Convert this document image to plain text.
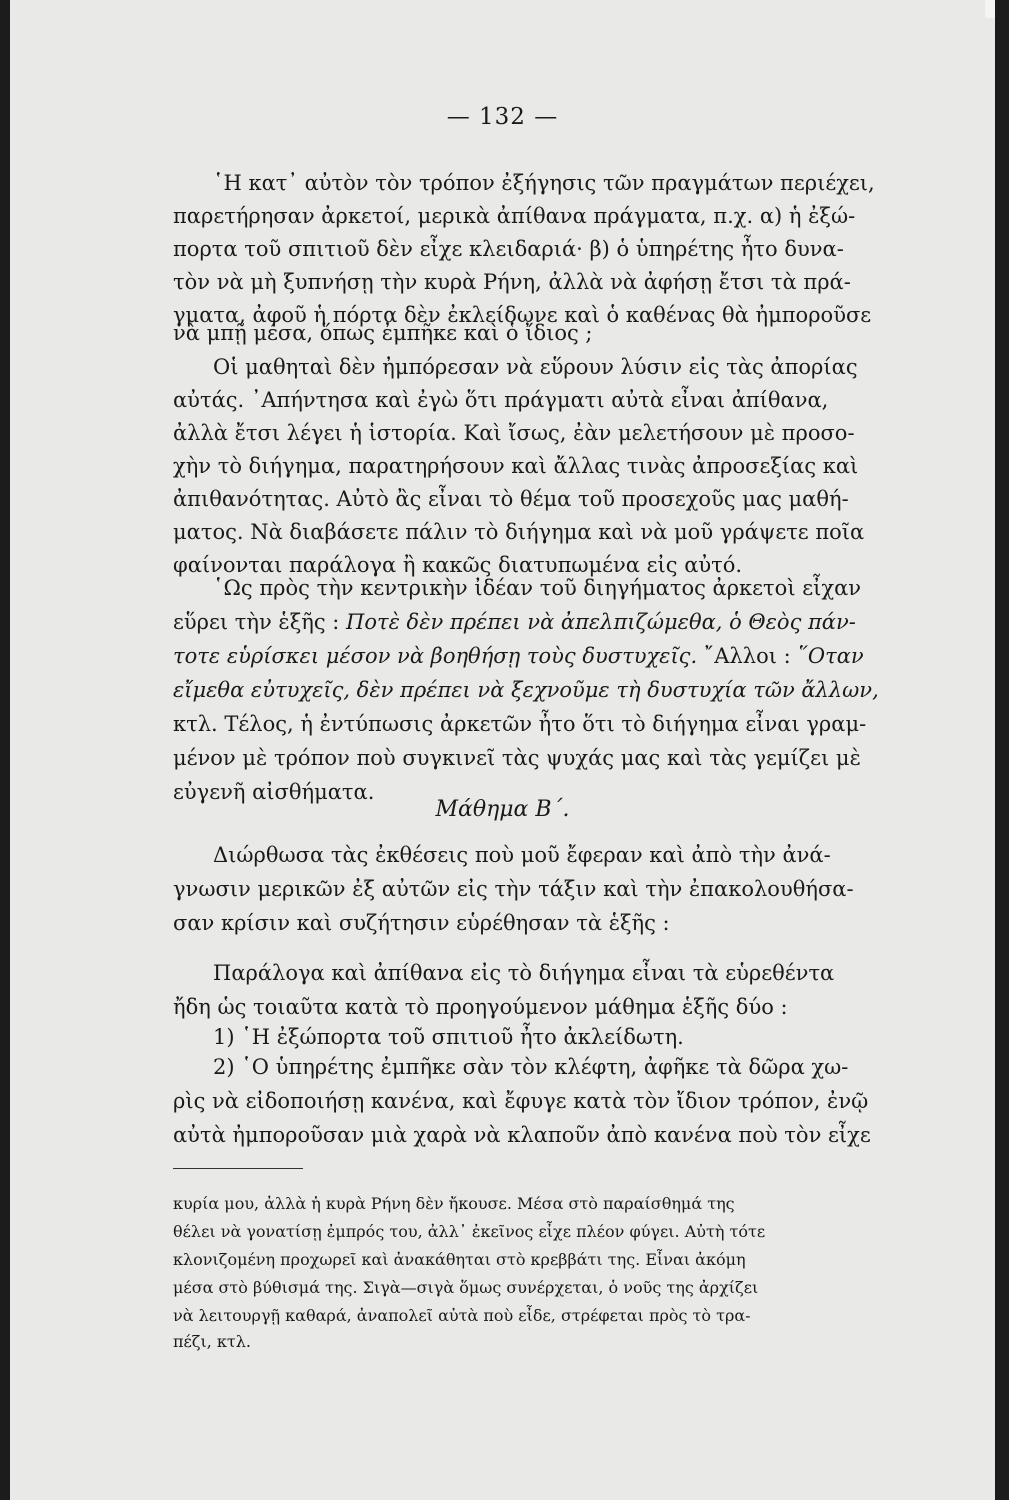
— 132 —
῾Η κατ᾽ αὐτὸν τὸν τρόπον ἐξήγησις τῶν πραγμάτων περιέχει,
παρετήρησαν ἀρκετοί, μερικὰ ἀπίθανα πράγματα, π.χ. α) ἡ ἐξώ-
πορτα τοῦ σπιτιοῦ δὲν εἶχε κλειδαριά· β) ὁ ὑπηρέτης ἦτο δυνα-
τὸν νὰ μὴ ξυπνήσῃ τὴν κυρὰ Ρήνη, ἀλλὰ νὰ ἀφήσῃ ἔτσι τὰ πρά-
γματα, ἀφοῦ ἡ πόρτα δὲν ἐκλείδωνε καὶ ὁ καθένας θὰ ἠμποροῦσε
νὰ μπῇ μέσα, ὅπως ἐμπῆκε καὶ ὁ ἴδιος ;
Οἱ μαθηταὶ δὲν ἠμπόρεσαν νὰ εὕρουν λύσιν εἰς τὰς ἀπορίας
αὐτάς. ᾿Απήντησα καὶ ἐγὼ ὅτι πράγματι αὐτὰ εἶναι ἀπίθανα,
ἀλλὰ ἔτσι λέγει ἡ ἱστορία. Καὶ ἴσως, ἐὰν μελετήσουν μὲ προσο-
χὴν τὸ διήγημα, παρατηρήσουν καὶ ἄλλας τινὰς ἀπροσεξίας καὶ
ἀπιθανότητας. Αὐτὸ ἂς εἶναι τὸ θέμα τοῦ προσεχοῦς μας μαθή-
ματος. Νὰ διαβάσετε πάλιν τὸ διήγημα καὶ νὰ μοῦ γράψετε ποῖα
φαίνονται παράλογα ἢ κακῶς διατυπωμένα εἰς αὐτό.
῾Ως πρὸς τὴν κεντρικὴν ἰδέαν τοῦ διηγήματος ἀρκετοὶ εἶχαν
εὕρει τὴν ἑξῆς : Ποτὲ δὲν πρέπει νὰ ἀπελπιζώμεθα, ὁ Θεὸς πάν-
τοτε εὑρίσκει μέσον νὰ βοηθήσῃ τοὺς δυστυχεῖς. ῎Αλλοι : ῞Οταν
εἴμεθα εὐτυχεῖς, δὲν πρέπει νὰ ξεχνοῦμε τὴ δυστυχία τῶν ἄλλων,
κτλ. Τέλος, ἡ ἐντύπωσις ἀρκετῶν ἦτο ὅτι τὸ διήγημα εἶναι γραμ-
μένον μὲ τρόπον ποὺ συγκινεῖ τὰς ψυχάς μας καὶ τὰς γεμίζει μὲ
εὐγενῆ αἰσθήματα.
Μάθημα Β΄.
Διώρθωσα τὰς ἐκθέσεις ποὺ μοῦ ἔφεραν καὶ ἀπὸ τὴν ἀνά-
γνωσιν μερικῶν ἐξ αὐτῶν εἰς τὴν τάξιν καὶ τὴν ἐπακολουθήσα-
σαν κρίσιν καὶ συζήτησιν εὑρέθησαν τὰ ἑξῆς :
Παράλογα καὶ ἀπίθανα εἰς τὸ διήγημα εἶναι τὰ εὑρεθέντα
ἤδη ὡς τοιαῦτα κατὰ τὸ προηγούμενον μάθημα ἑξῆς δύο :
1) ῾Η ἐξώπορτα τοῦ σπιτιοῦ ἦτο ἀκλείδωτη.
2) ῾Ο ὑπηρέτης ἐμπῆκε σὰν τὸν κλέφτη, ἀφῆκε τὰ δῶρα χω-
ρὶς νὰ εἰδοποιήσῃ κανένα, καὶ ἔφυγε κατὰ τὸν ἴδιον τρόπον, ἐνῷ
αὐτὰ ἠμποροῦσαν μιὰ χαρὰ νὰ κλαποῦν ἀπὸ κανένα ποὺ τὸν εἶχε
κυρία μου, ἀλλὰ ἡ κυρὰ Ρήνη δὲν ἤκουσε. Μέσα στὸ παραίσθημά της
θέλει νὰ γονατίσῃ ἐμπρός του, ἀλλ᾽ ἐκεῖνος εἶχε πλέον φύγει. Αὐτὴ τότε
κλονιζομένη προχωρεῖ καὶ ἀνακάθηται στὸ κρεββάτι της. Εἶναι ἀκόμη
μέσα στὸ βύθισμά της. Σιγὰ—σιγὰ ὅμως συνέρχεται, ὁ νοῦς της ἀρχίζει
νὰ λειτουργῇ καθαρά, ἀναπολεῖ αὐτὰ ποὺ εἶδε, στρέφεται πρὸς τὸ τρα-
πέζι, κτλ.
